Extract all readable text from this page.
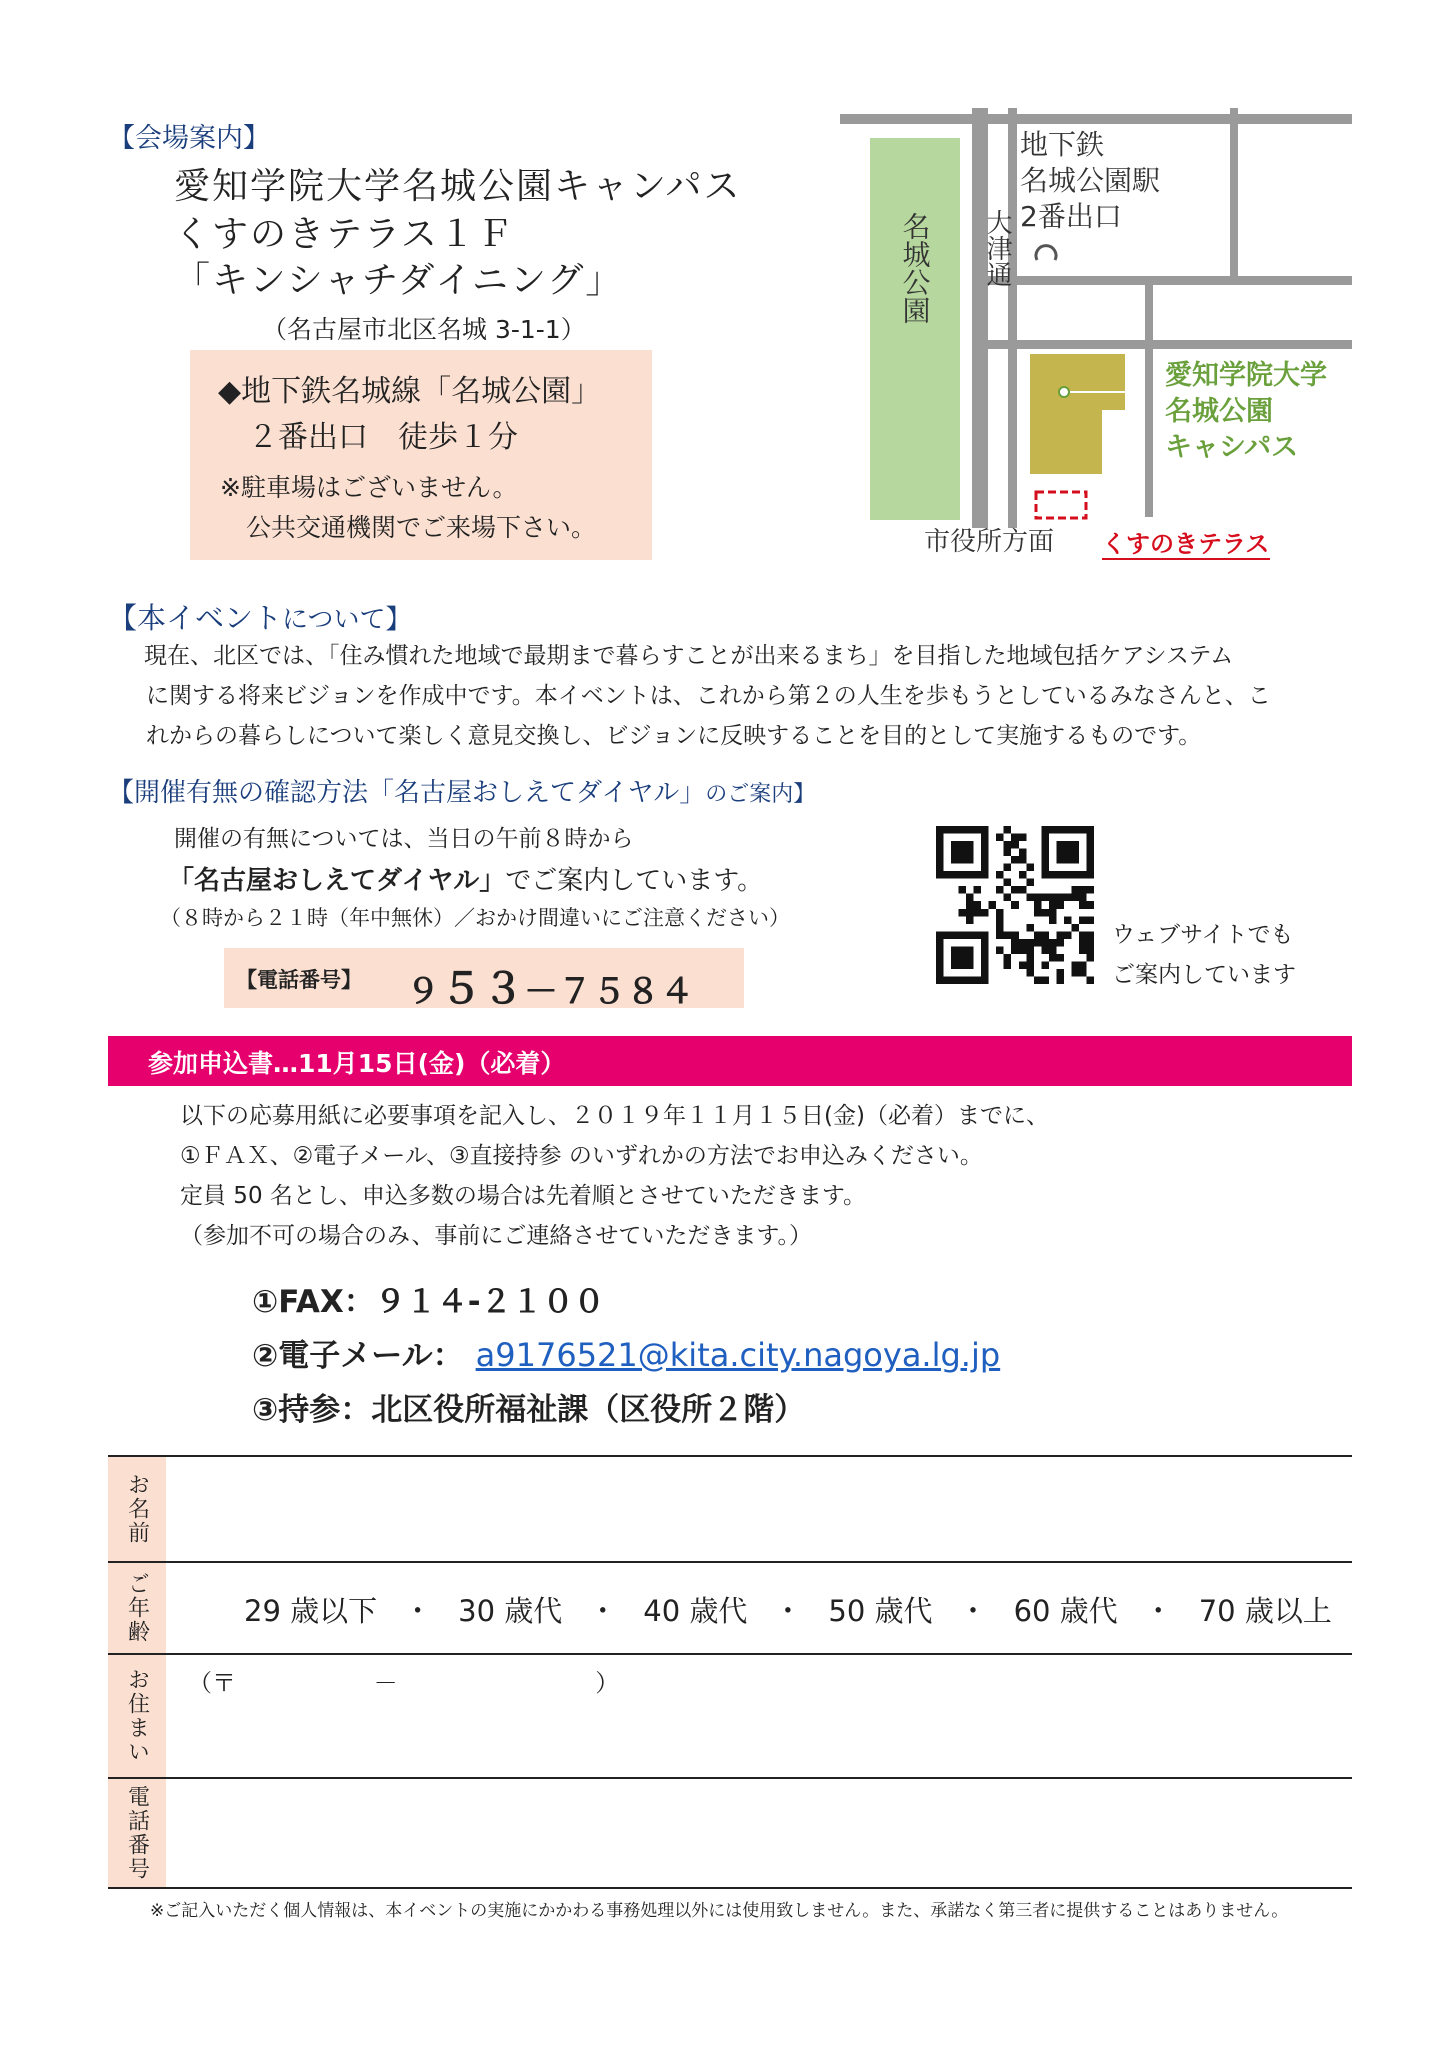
【会場案内】
愛知学院大学名城公園キャンパス
くすのきテラス１Ｆ
「キンシャチダイニング」
（名古屋市北区名城 3-1-1）
◆地下鉄名城線「名城公園」
２番出口　徒歩１分
※駐車場はございません。
公共交通機関でご来場下さい。
地下鉄
名城公園駅
2番出口
名城公園 大津通
愛知学院大学
名城公園
キャシパス
市役所方面 くすのきテラス
【本イベントについて】
現在、北区では、「住み慣れた地域で最期まで暮らすことが出来るまち」を目指した地域包括ケアシステム
に関する将来ビジョンを作成中です。本イベントは、これから第２の人生を歩もうとしているみなさんと、こ
れからの暮らしについて楽しく意見交換し、ビジョンに反映することを目的として実施するものです。
【開催有無の確認方法「名古屋おしえてダイヤル」のご案内】
開催の有無については、当日の午前８時から
「名古屋おしえてダイヤル」でご案内しています。
（８時から２１時（年中無休）／おかけ間違いにご注意ください）
【電話番号】 ９５３－７５８４
ウェブサイトでも
ご案内しています
参加申込書…11月15日(金)（必着）
以下の応募用紙に必要事項を記入し、２０１９年１１月１５日(金)（必着）までに、
①ＦＡＸ、②電子メール、③直接持参 のいずれかの方法でお申込みください。
定員 50 名とし、申込多数の場合は先着順とさせていただきます。
（参加不可の場合のみ、事前にご連絡させていただきます。）
①FAX：９１４-２１００
②電子メール： a9176521@kita.city.nagoya.lg.jp
③持参：北区役所福祉課（区役所２階）
お名前
ご年齢	29 歳以下 ・ 30 歳代 ・ 40 歳代 ・ 50 歳代 ・ 60 歳代 ・ 70 歳以上
お住まい （〒	－	）
電話番号
※ご記入いただく個人情報は、本イベントの実施にかかわる事務処理以外には使用致しません。また、承諾なく第三者に提供することはありません。
